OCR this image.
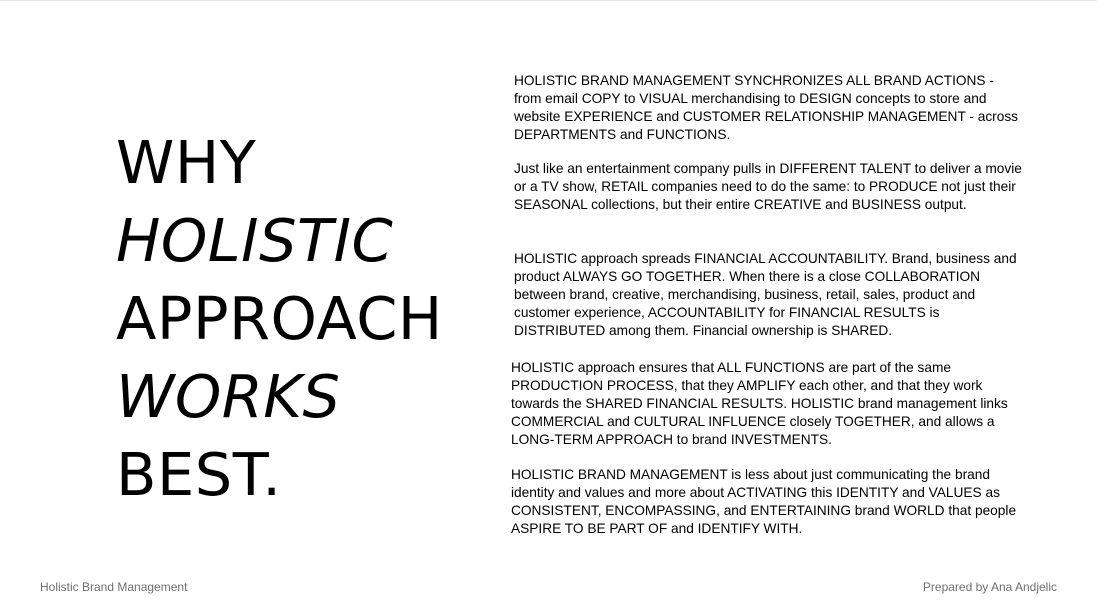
WHY
HOLISTIC
APPROACH
WORKS
BEST.

HOLISTIC BRAND MANAGEMENT SYNCHRONIZES ALL BRAND ACTIONS - from email COPY to VISUAL merchandising to DESIGN concepts to store and website EXPERIENCE and CUSTOMER RELATIONSHIP MANAGEMENT - across DEPARTMENTS and FUNCTIONS.

Just like an entertainment company pulls in DIFFERENT TALENT to deliver a movie or a TV show, RETAIL companies need to do the same: to PRODUCE not just their SEASONAL collections, but their entire CREATIVE and BUSINESS output.

HOLISTIC approach spreads FINANCIAL ACCOUNTABILITY. Brand, business and product ALWAYS GO TOGETHER. When there is a close COLLABORATION between brand, creative, merchandising, business, retail, sales, product and customer experience, ACCOUNTABILITY for FINANCIAL RESULTS is DISTRIBUTED among them. Financial ownership is SHARED.

HOLISTIC approach ensures that ALL FUNCTIONS are part of the same PRODUCTION PROCESS, that they AMPLIFY each other, and that they work towards the SHARED FINANCIAL RESULTS. HOLISTIC brand management links COMMERCIAL and CULTURAL INFLUENCE closely TOGETHER, and allows a LONG-TERM APPROACH to brand INVESTMENTS.

HOLISTIC BRAND MANAGEMENT is less about just communicating the brand identity and values and more about ACTIVATING this IDENTITY and VALUES as CONSISTENT, ENCOMPASSING, and ENTERTAINING brand WORLD that people ASPIRE TO BE PART OF and IDENTIFY WITH.

Holistic Brand Management	Prepared by Ana Andjelic
